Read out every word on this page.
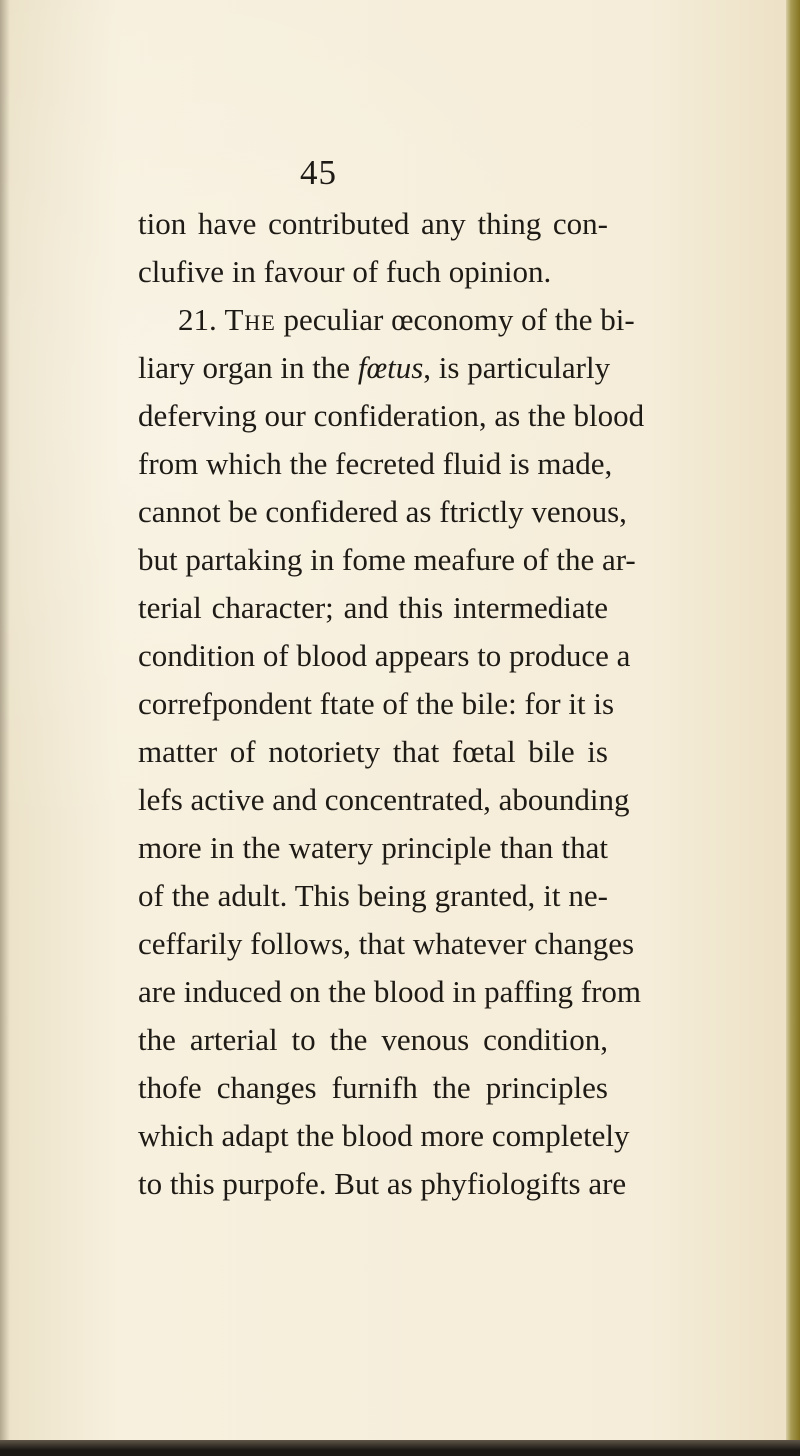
45
tion have contributed any thing con-
clufive in favour of fuch opinion.
21. The peculiar œconomy of the bi-
liary organ in the fœtus, is particularly
deferving our confideration, as the blood
from which the fecreted fluid is made,
cannot be confidered as ftrictly venous,
but partaking in fome meafure of the ar-
terial character; and this intermediate
condition of blood appears to produce a
correfpondent ftate of the bile: for it is
matter of notoriety that fœtal bile is
lefs active and concentrated, abounding
more in the watery principle than that
of the adult. This being granted, it ne-
ceffarily follows, that whatever changes
are induced on the blood in paffing from
the arterial to the venous condition,
thofe changes furnifh the principles
which adapt the blood more completely
to this purpofe. But as phyfiologifts are
